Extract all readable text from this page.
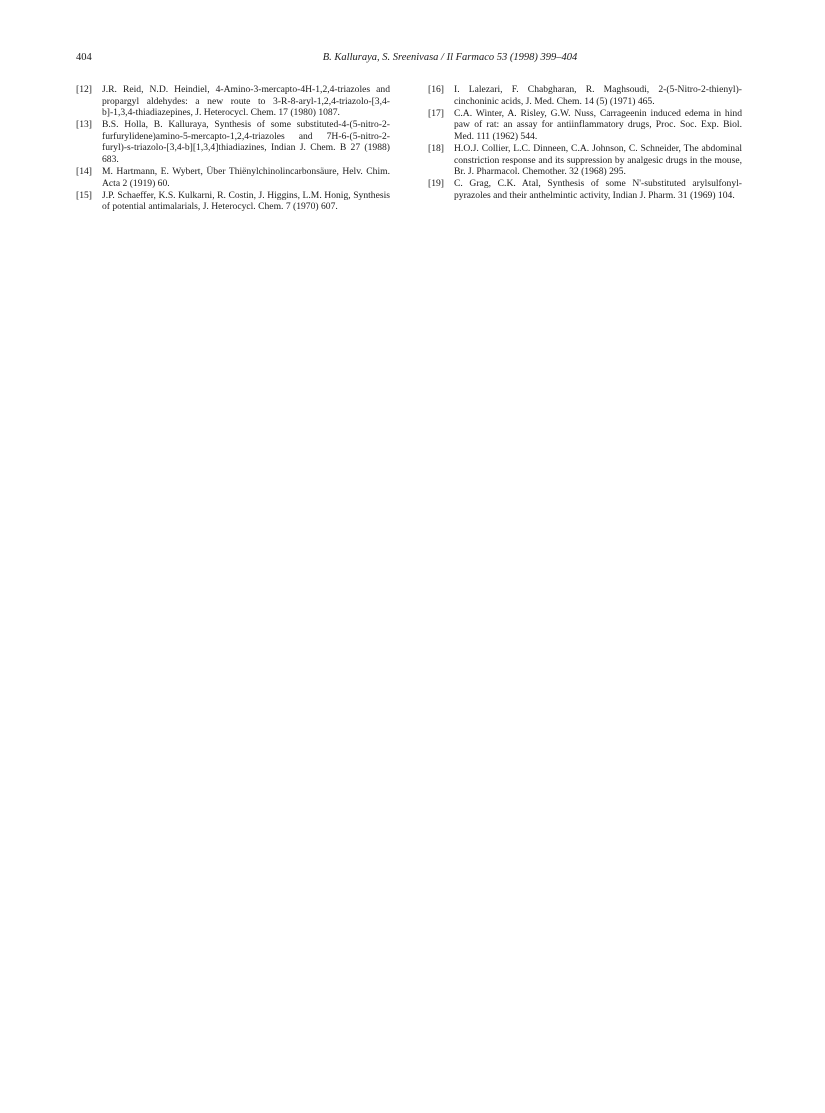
404	B. Kalluraya, S. Sreenivasa / Il Farmaco 53 (1998) 399–404
[12] J.R. Reid, N.D. Heindiel, 4-Amino-3-mercapto-4H-1,2,4-triazoles and propargyl aldehydes: a new route to 3-R-8-aryl-1,2,4-triazolo-[3,4-b]-1,3,4-thiadiazepines, J. Heterocycl. Chem. 17 (1980) 1087.
[13] B.S. Holla, B. Kalluraya, Synthesis of some substituted-4-(5-nitro-2-furfurylidene)amino-5-mercapto-1,2,4-triazoles and 7H-6-(5-nitro-2-furyl)-s-triazolo-[3,4-b][1,3,4]thiadiazines, Indian J. Chem. B 27 (1988) 683.
[14] M. Hartmann, E. Wybert, Über Thiënylchinolincarbonsäure, Helv. Chim. Acta 2 (1919) 60.
[15] J.P. Schaeffer, K.S. Kulkarni, R. Costin, J. Higgins, L.M. Honig, Synthesis of potential antimalarials, J. Heterocycl. Chem. 7 (1970) 607.
[16] I. Lalezari, F. Chabgharan, R. Maghsoudi, 2-(5-Nitro-2-thienyl)-cinchoninic acids, J. Med. Chem. 14 (5) (1971) 465.
[17] C.A. Winter, A. Risley, G.W. Nuss, Carrageenin induced edema in hind paw of rat: an assay for antiinflammatory drugs, Proc. Soc. Exp. Biol. Med. 111 (1962) 544.
[18] H.O.J. Collier, L.C. Dinneen, C.A. Johnson, C. Schneider, The abdominal constriction response and its suppression by analgesic drugs in the mouse, Br. J. Pharmacol. Chemother. 32 (1968) 295.
[19] C. Grag, C.K. Atal, Synthesis of some N'-substituted arylsulfonyl-pyrazoles and their anthelmintic activity, Indian J. Pharm. 31 (1969) 104.
